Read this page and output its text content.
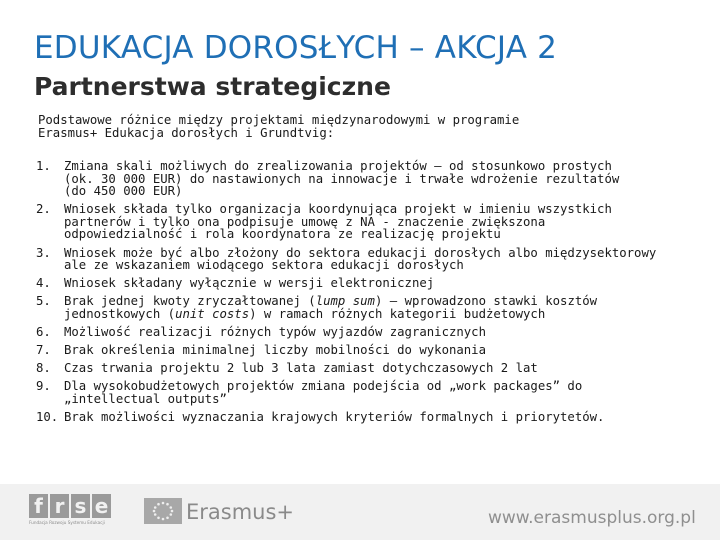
EDUKACJA DOROSŁYCH – AKCJA 2
Partnerstwa strategiczne
Podstawowe różnice między projektami międzynarodowymi w programie
Erasmus+ Edukacja dorosłych i Grundtvig:
1.	Zmiana skali możliwych do zrealizowania projektów – od stosunkowo prostych
(ok. 30 000 EUR) do nastawionych na innowacje i trwałe wdrożenie rezultatów
(do 450 000 EUR)
2.	Wniosek składa tylko organizacja koordynująca projekt w imieniu wszystkich
partnerów i tylko ona podpisuje umowę z NA - znaczenie zwiększona
odpowiedzialność i rola koordynatora ze realizację projektu
3.	Wniosek może być albo złożony do sektora edukacji dorosłych albo międzysektorowy
ale ze wskazaniem wiodącego sektora edukacji dorosłych
4.	Wniosek składany wyłącznie w wersji elektronicznej
5.	Brak jednej kwoty zryczałtowanej (lump sum) – wprowadzono stawki kosztów
jednostkowych (unit costs) w ramach różnych kategorii budżetowych
6.	Możliwość realizacji różnych typów wyjazdów zagranicznych
7.	Brak określenia minimalnej liczby mobilności do wykonania
8.	Czas trwania projektu 2 lub 3 lata zamiast dotychczasowych 2 lat
9.	Dla wysokobudżetowych projektów zmiana podejścia od „work packages” do
„intellectual outputs”
10. Brak możliwości wyznaczania krajowych kryteriów formalnych i priorytetów.
f r s e
Fundacja Rozwoju Systemu Edukacji	Erasmus+	www.erasmusplus.org.pl
